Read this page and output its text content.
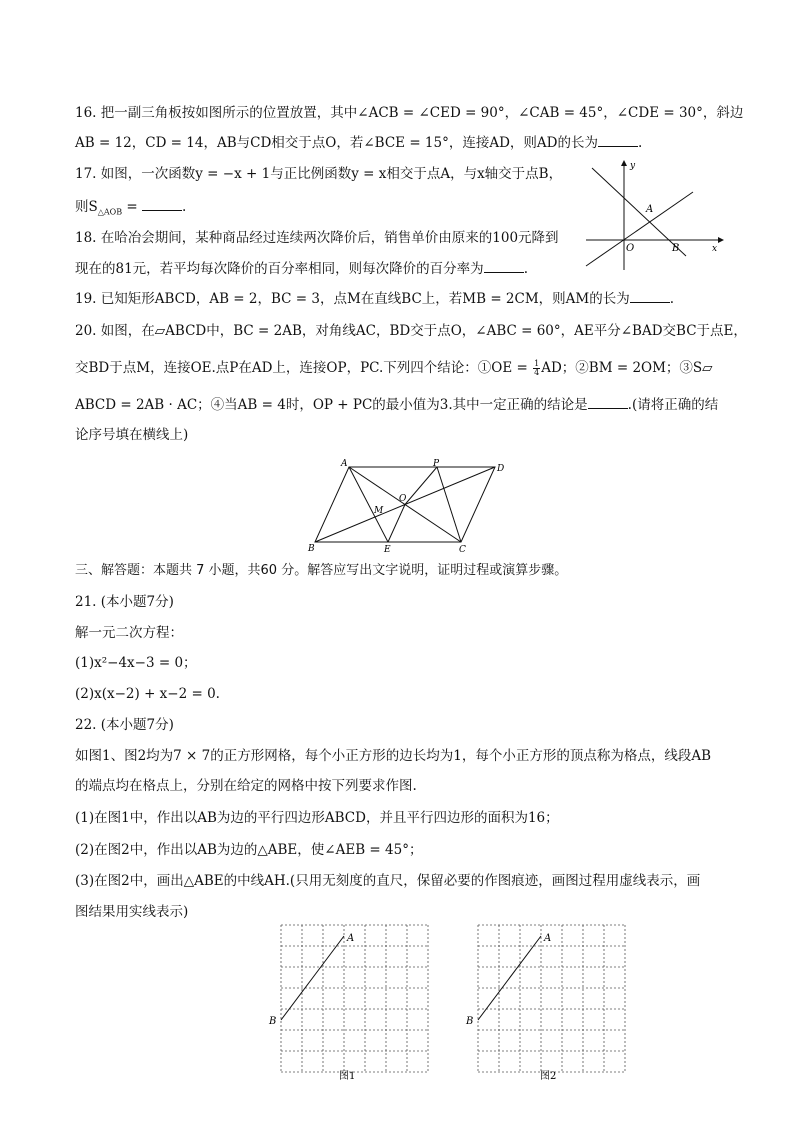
16. 把一副三角板按如图所示的位置放置，其中∠ACB = ∠CED = 90°，∠CAB = 45°，∠CDE = 30°，斜边
AB = 12，CD = 14，AB与CD相交于点O，若∠BCE = 15°，连接AD，则AD的长为	.
17. 如图，一次函数y = −x + 1与正比例函数y = x相交于点A，与x轴交于点B，
则$S_{\triangle AOB}$ =	.
y
x
A
O	B
18. 在哈冶会期间，某种商品经过连续两次降价后，销售单价由原来的100元降到
现在的81元，若平均每次降价的百分率相同，则每次降价的百分率为	.
19. 已知矩形ABCD，AB = 2，BC = 3，点M在直线BC上，若MB = 2CM，则AM的长为	.
20. 如图，在▱ABCD中，BC = 2AB，对角线AC，BD交于点O，∠ABC = 60°，AE平分∠BAD交BC于点E，
交BD于点M，连接OE.点P在AD上，连接OP，PC.下列四个结论：①OE = $\frac{1}{4}$ AD；②BM = 2OM；③S▱
ABCD = 2AB · AC；④当AB = 4时，OP + PC的最小值为3.其中一定正确的结论是	.(请将正确的结
论序号填在横线上)
A	P	D
O
M
B	E	C
三、解答题：本题共 7 小题，共60 分。解答应写出文字说明，证明过程或演算步骤。
21. (本小题7分)
解一元二次方程：
(1)x²−4x−3 = 0；
(2)x(x−2) + x−2 = 0.
22. (本小题7分)
如图1、图2均为7 × 7的正方形网格，每个小正方形的边长均为1，每个小正方形的顶点称为格点，线段AB
的端点均在格点上，分别在给定的网格中按下列要求作图.
(1)在图1中，作出以AB为边的平行四边形ABCD，并且平行四边形的面积为16；
(2)在图2中，作出以AB为边的△ABE，使∠AEB = 45°；
(3)在图2中，画出△ABE的中线AH.(只用无刻度的直尺，保留必要的作图痕迹，画图过程用虚线表示，画
图结果用实线表示)
A
B
图1
A
B
图2
